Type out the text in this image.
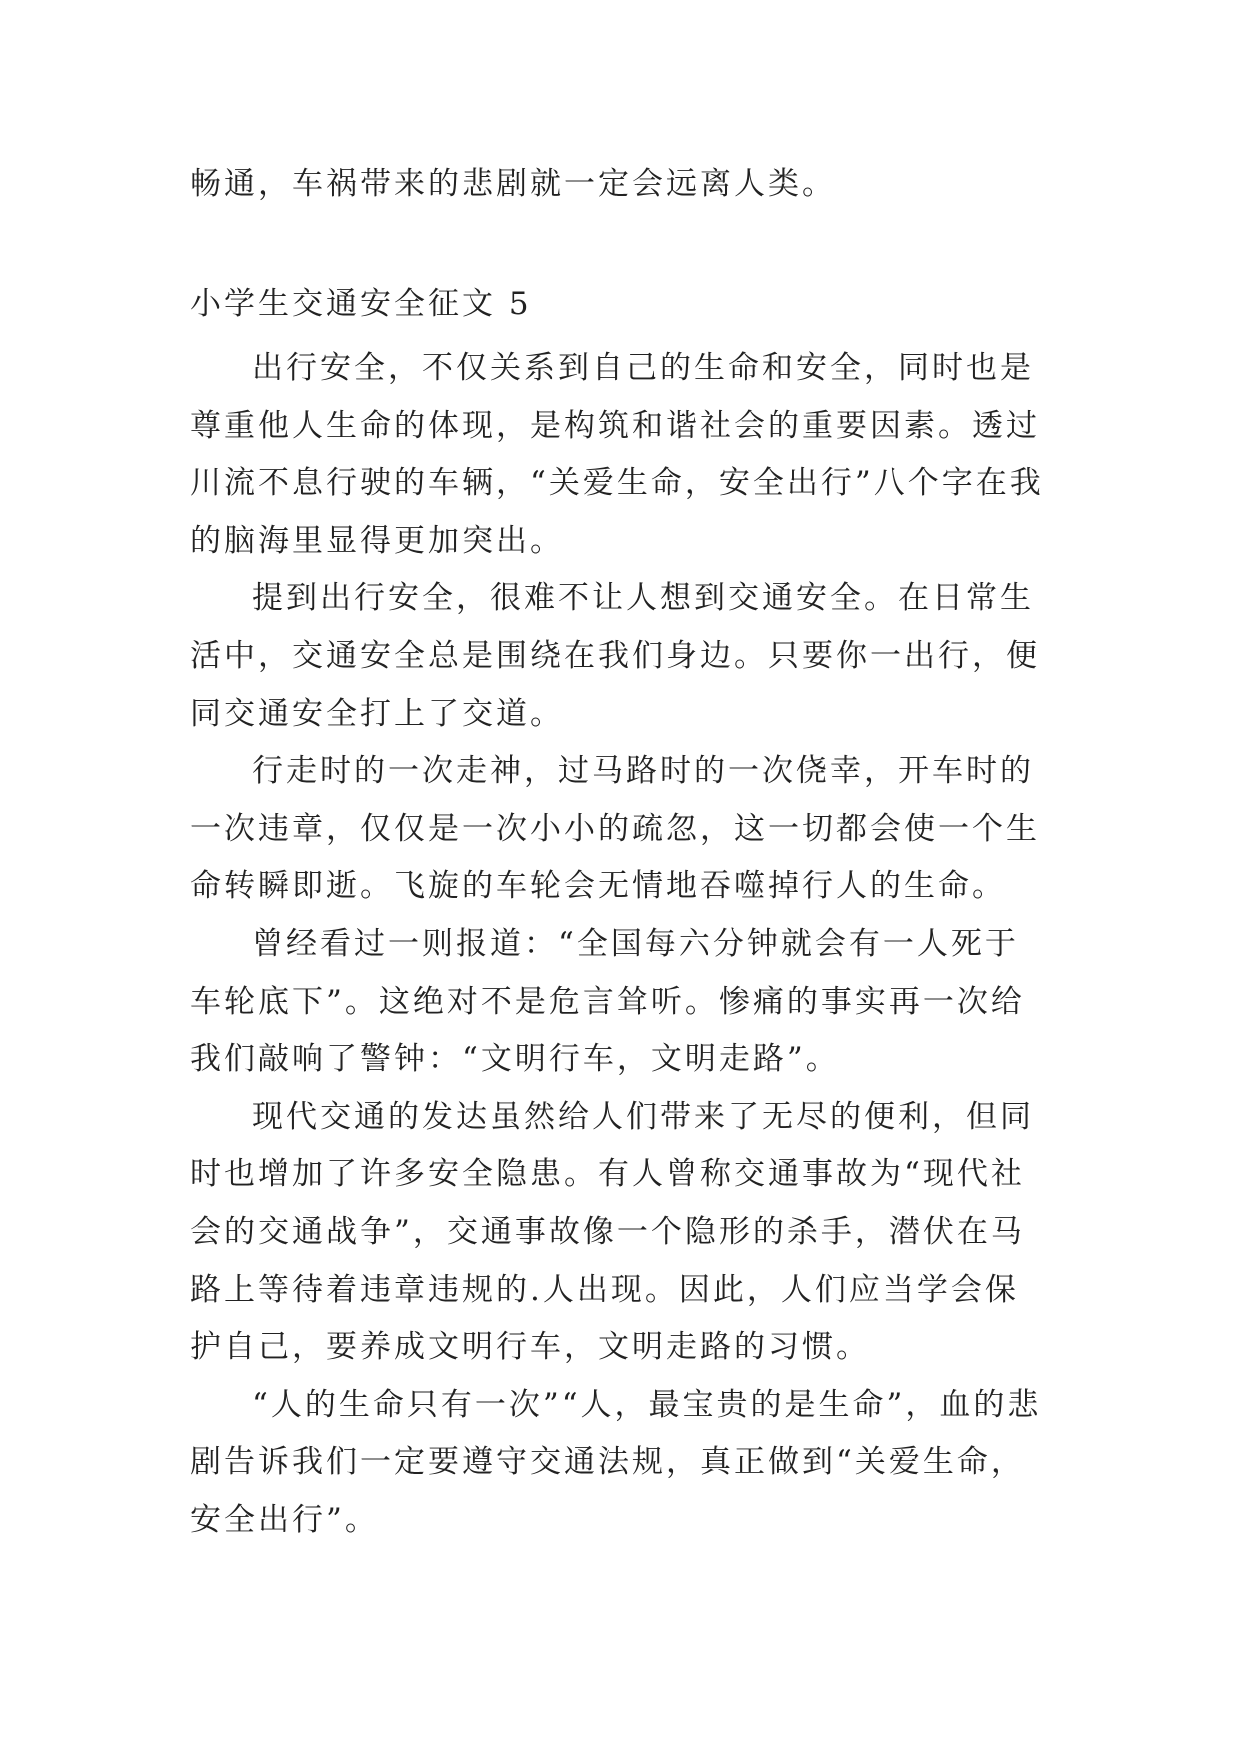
畅通，车祸带来的悲剧就一定会远离人类。
小学生交通安全征文 5

出行安全，不仅关系到自己的生命和安全，同时也是尊重他人生命的体现，是构筑和谐社会的重要因素。透过川流不息行驶的车辆，“关爱生命，安全出行”八个字在我的脑海里显得更加突出。

提到出行安全，很难不让人想到交通安全。在日常生活中，交通安全总是围绕在我们身边。只要你一出行，便同交通安全打上了交道。

行走时的一次走神，过马路时的一次侥幸，开车时的一次违章，仅仅是一次小小的疏忽，这一切都会使一个生命转瞬即逝。飞旋的车轮会无情地吞噬掉行人的生命。

曾经看过一则报道：“全国每六分钟就会有一人死于车轮底下”。这绝对不是危言耸听。惨痛的事实再一次给我们敲响了警钟：“文明行车，文明走路”。

现代交通的发达虽然给人们带来了无尽的便利，但同时也增加了许多安全隐患。有人曾称交通事故为“现代社会的交通战争”，交通事故像一个隐形的杀手，潜伏在马路上等待着违章违规的.人出现。因此，人们应当学会保护自己，要养成文明行车，文明走路的习惯。

“人的生命只有一次”“人，最宝贵的是生命”，血的悲剧告诉我们一定要遵守交通法规，真正做到“关爱生命，安全出行”。
